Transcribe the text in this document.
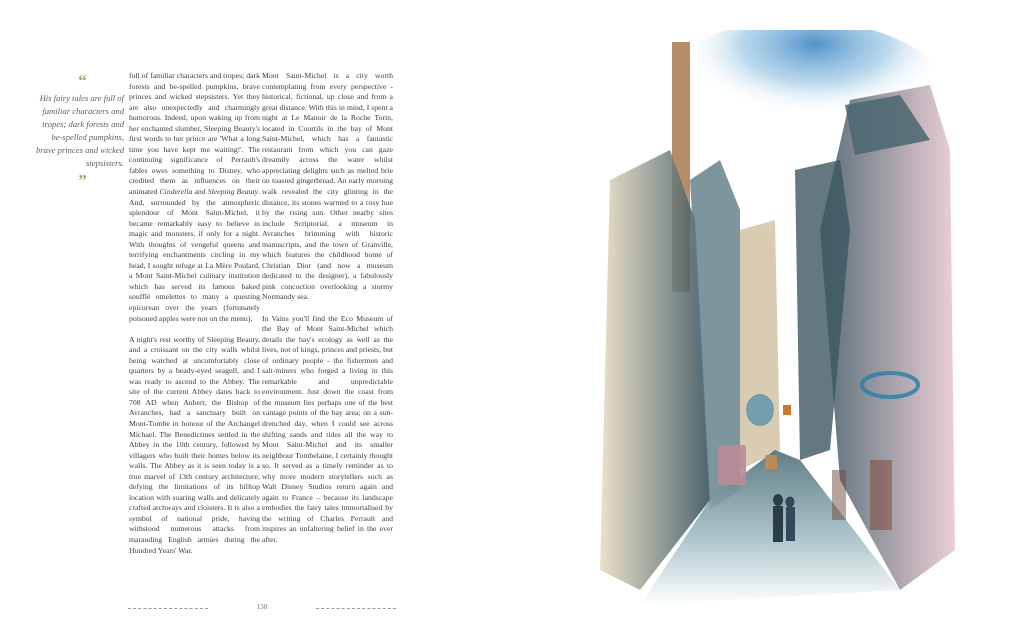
“
His fairy tales are full of familiar characters and tropes; dark forests and be-spelled pumpkins, brave princes and wicked stepsisters.
”

full of familiar characters and tropes; dark forests and be-spelled pumpkins, brave princes and wicked stepsisters. Yet they are also unexpectedly and charmingly humorous. Indeed, upon waking up from her enchanted slumber, Sleeping Beauty's first words to her prince are 'What a long time you have kept me waiting!'. The continuing significance of Perrault's fables owes something to Disney, who credited them as influences on their animated Cinderella and Sleeping Beauty. And, surrounded by the atmospheric splendour of Mont Saint-Michel, it became remarkably easy to believe in magic and monsters, if only for a night. With thoughts of vengeful queens and terrifying enchantments circling in my head, I sought refuge at La Mère Poulard, a Mont Saint-Michel culinary institution which has served its famous baked soufflé omelettes to many a questing epicurean over the years (fortunately poisoned apples were not on the menu).

A night's rest worthy of Sleeping Beauty, and a croissant on the city walls whilst being watched at uncomfortably close quarters by a beady-eyed seagull, and I was ready to ascend to the Abbey. The site of the current Abbey dates back to 708 AD when Aubert, the Bishop of Avranches, had a sanctuary built on Mont-Tombe in honour of the Archangel Michael. The Benedictines settled in the Abbey in the 10th century, followed by villagers who built their homes below its walls. The Abbey as it is seen today is a true marvel of 13th century architecture, defying the limitations of its hilltop location with soaring walls and delicately crafted archways and cloisters. It is also a symbol of national pride, having withstood numerous attacks from marauding English armies during the Hundred Years' War.

Mont Saint-Michel is a city worth contemplating from every perspective - historical, fictional, up close and from a great distance. With this in mind, I spent a night at Le Manoir de la Roche Torin, located in Courtils in the bay of Mont Saint-Michel, which has a fantastic restaurant from which you can gaze dreamily across the water whilst appreciating delights such as melted brie on toasted gingerbread. An early morning walk revealed the city glinting in the distance, its stones warmed to a rosy hue by the rising sun. Other nearby sites include Scriptorial, a museum in Avranches brimming with historic manuscripts, and the town of Granville, which features the childhood home of Christian Dior (and now a museum dedicated to the designer), a fabulously pink concoction overlooking a stormy Normandy sea.

In Vains you'll find the Eco Museum of the Bay of Mont Saint-Michel which details the bay's ecology as well as the lives, not of kings, princes and priests, but of ordinary people - the fishermen and salt-miners who forged a living in this remarkable and unpredictable environment. Just down the coast from the museum lies perhaps one of the best vantage points of the bay area; on a sun-drenched day, when I could see across shifting sands and tides all the way to Mont Saint-Michel and its smaller neighbour Tombelaine, I certainly thought so. It served as a timely reminder as to why more modern storytellers such as Walt Disney Studios return again and again to France – because its landscape embodies the fairy tales immortalised by the writing of Charles Perrault and inspires an unfaltering belief in the ever after.

138
